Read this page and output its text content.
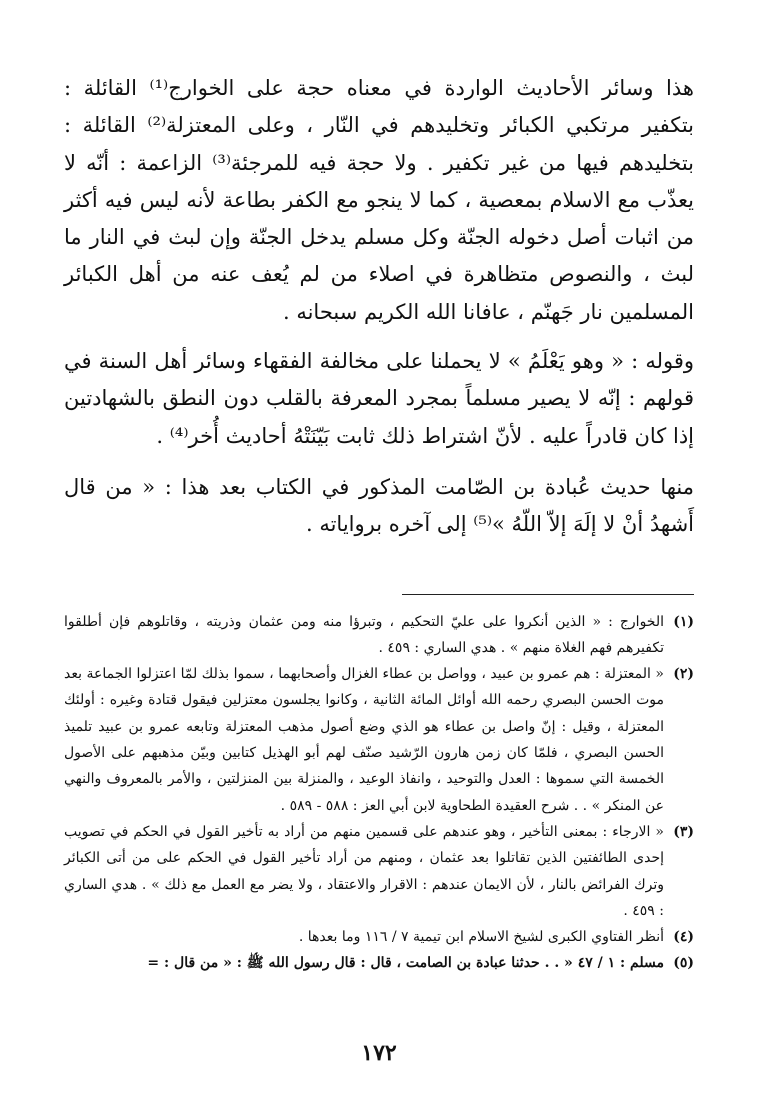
هذا وسائر الأحاديث الواردة في معناه حجة على الخوارج⁽¹⁾ القائلة : بتكفير مرتكبي الكبائر وتخليدهم في النّار ، وعلى المعتزلة⁽²⁾ القائلة : بتخليدهم فيها من غير تكفير . ولا حجة فيه للمرجئة⁽³⁾ الزاعمة : أنّه لا يعذّب مع الاسلام بمعصية ، كما لا ينجو مع الكفر بطاعة لأنه ليس فيه أكثر من اثبات أصل دخوله الجنّة وكل مسلم يدخل الجنّة وإن لبث في النار ما لبث ، والنصوص متظاهرة في اصلاء من لم يُعف عنه من أهل الكبائر المسلمين نار جَهنّم ، عافانا الله الكريم سبحانه .

وقوله : « وهو يَعْلَمُ » لا يحملنا على مخالفة الفقهاء وسائر أهل السنة في قولهم : إنّه لا يصير مسلماً بمجرد المعرفة بالقلب دون النطق بالشهادتين إذا كان قادراً عليه . لأنّ اشتراط ذلك ثابت بَيّنَتْهُ أحاديث أُخر⁽⁴⁾ .

منها حديث عُبادة بن الصّامت المذكور في الكتاب بعد هذا : « من قال أَشهدُ أنْ لا إلَهَ إلاّ اللّهُ »⁽⁵⁾ إلى آخره برواياته .

(١)
الخوارج : « الذين أنكروا على عليّ التحكيم ، وتبرؤا منه ومن عثمان وذريته ، وقاتلوهم فإن أطلقوا تكفيرهم فهم الغلاة منهم » . هدي الساري : ٤٥٩ .
(٢)
« المعتزلة : هم عمرو بن عبيد ، وواصل بن عطاء الغزال وأصحابهما ، سموا بذلك لمّا اعتزلوا الجماعة بعد موت الحسن البصري رحمه الله أوائل المائة الثانية ، وكانوا يجلسون معتزلين فيقول قتادة وغيره : أولئك المعتزلة ، وقيل : إنّ واصل بن عطاء هو الذي وضع أصول مذهب المعتزلة وتابعه عمرو بن عبيد تلميذ الحسن البصري ، فلمّا كان زمن هارون الرّشيد صنّف لهم أبو الهذيل كتابين وبيّن مذهبهم على الأصول الخمسة التي سموها : العدل والتوحيد ، وانفاذ الوعيد ، والمنزلة بين المنزلتين ، والأمر بالمعروف والنهي عن المنكر » . . شرح العقيدة الطحاوية لابن أبي العز : ٥٨٨ - ٥٨٩ .
(٣)
« الارجاء : بمعنى التأخير ، وهو عندهم على قسمين منهم من أراد به تأخير القول في الحكم في تصويب إحدى الطائفتين الذين تقاتلوا بعد عثمان ، ومنهم من أراد تأخير القول في الحكم على من أتى الكبائر وترك الفرائض بالنار ، لأن الايمان عندهم : الاقرار والاعتقاد ، ولا يضر مع العمل مع ذلك » . هدي الساري : ٤٥٩ .
(٤)
أنظر الفتاوي الكبرى لشيخ الاسلام ابن تيمية ٧ / ١١٦ وما بعدها .
(٥)
مسلم : ١ / ٤٧ « . . حدثنا عبادة بن الصامت ، قال : قال رسول الله ﷺ : « من قال : =
١٧٢
